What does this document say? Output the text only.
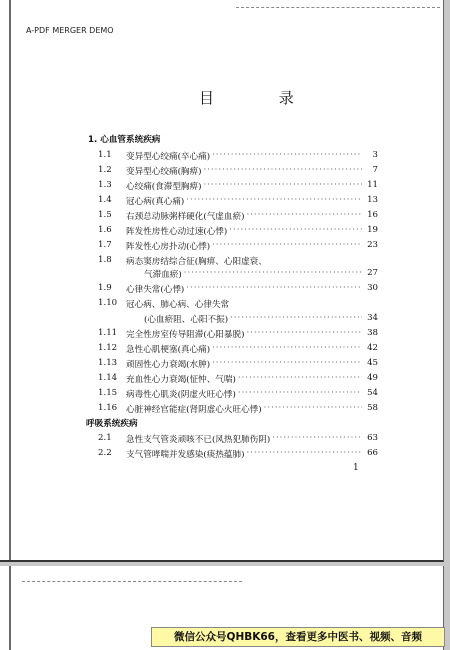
A-PDF MERGER DEMO
目 录
1. 心血管系统疾病
1.1	变异型心绞痛(卒心痛) ·····	3
1.2	变异型心绞痛(胸痹) ·····	7
1.3	心绞痛(食滞型胸痹) ·····	11
1.4	冠心病(真心痛) ·····	13
1.5	右颈总动脉粥样硬化(气虚血瘀) ·····	16
1.6	阵发性房性心动过速(心悸) ·····	19
1.7	阵发性心房扑动(心悸) ·····	23
1.8	病态窦房结综合征(胸痹、心阳虚衰、
气滞血瘀) ·····	27
1.9	心律失常(心悸) ·····	30
1.10	冠心病、肺心病、心律失常
(心血瘀阻、心阳不振) ·····	34
1.11	完全性房室传导阻滞(心阳暴脱) ·····	38
1.12	急性心肌梗塞(真心痛) ·····	42
1.13	顽固性心力衰竭(水肿) ·····	45
1.14	充血性心力衰竭(怔忡、气喘) ·····	49
1.15	病毒性心肌炎(阴虚火旺心悸) ·····	54
1.16	心脏神经官能症(肾阴虚心火旺心悸) ·····	58
呼吸系统疾病
2.1	急性支气管炎顽咳不已(风热犯肺伤阴) ·····	63
2.2	支气管哮喘并发感染(痰热蕴肺) ·····	66
1
微信公众号QHBK66，查看更多中医书、视频、音频
